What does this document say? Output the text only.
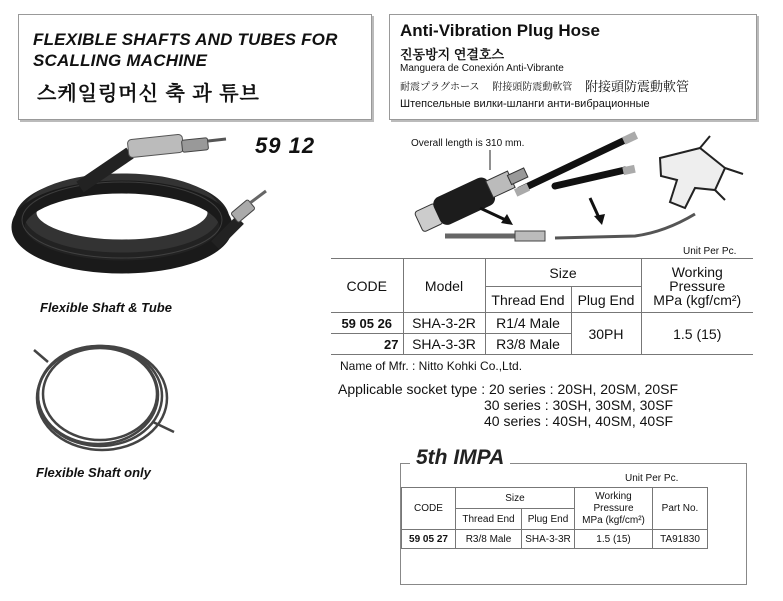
FLEXIBLE SHAFTS AND TUBES FOR
SCALLING MACHINE
스케일링머신 축 과 튜브
59 12
Flexible Shaft & Tube
Flexible Shaft only
Anti-Vibration Plug Hose
진동방지 연결호스
Manguera de Conexión Anti-Vibrante
耐震プラグホース　 附接頭防震動軟管 附接頭防震動軟管
Штепсельные вилки-шланги анти-вибрационные
Overall length is 310 mm.
Unit Per Pc.
CODE	Model	Size		Working
Pressure
MPa (kgf/cm²)

		Thread End	Plug End	
59 05 26	SHA-3-2R	R1/4 Male	30PH	1.5 (15)
27	SHA-3-3R	R3/8 Male		
Name of Mfr. : Nitto Kohki Co.,Ltd.
Applicable socket type : 20 series : 20SH, 20SM, 20SF
30 series : 30SH, 30SM, 30SF
40 series : 40SH, 40SM, 40SF
5th IMPA
Unit Per Pc.
CODE	Size		Working
Pressure
MPa (kgf/cm²)	Part No.
	Thread End	Plug End		
59 05 27	R3/8 Male	SHA-3-3R	1.5 (15)	TA91830
